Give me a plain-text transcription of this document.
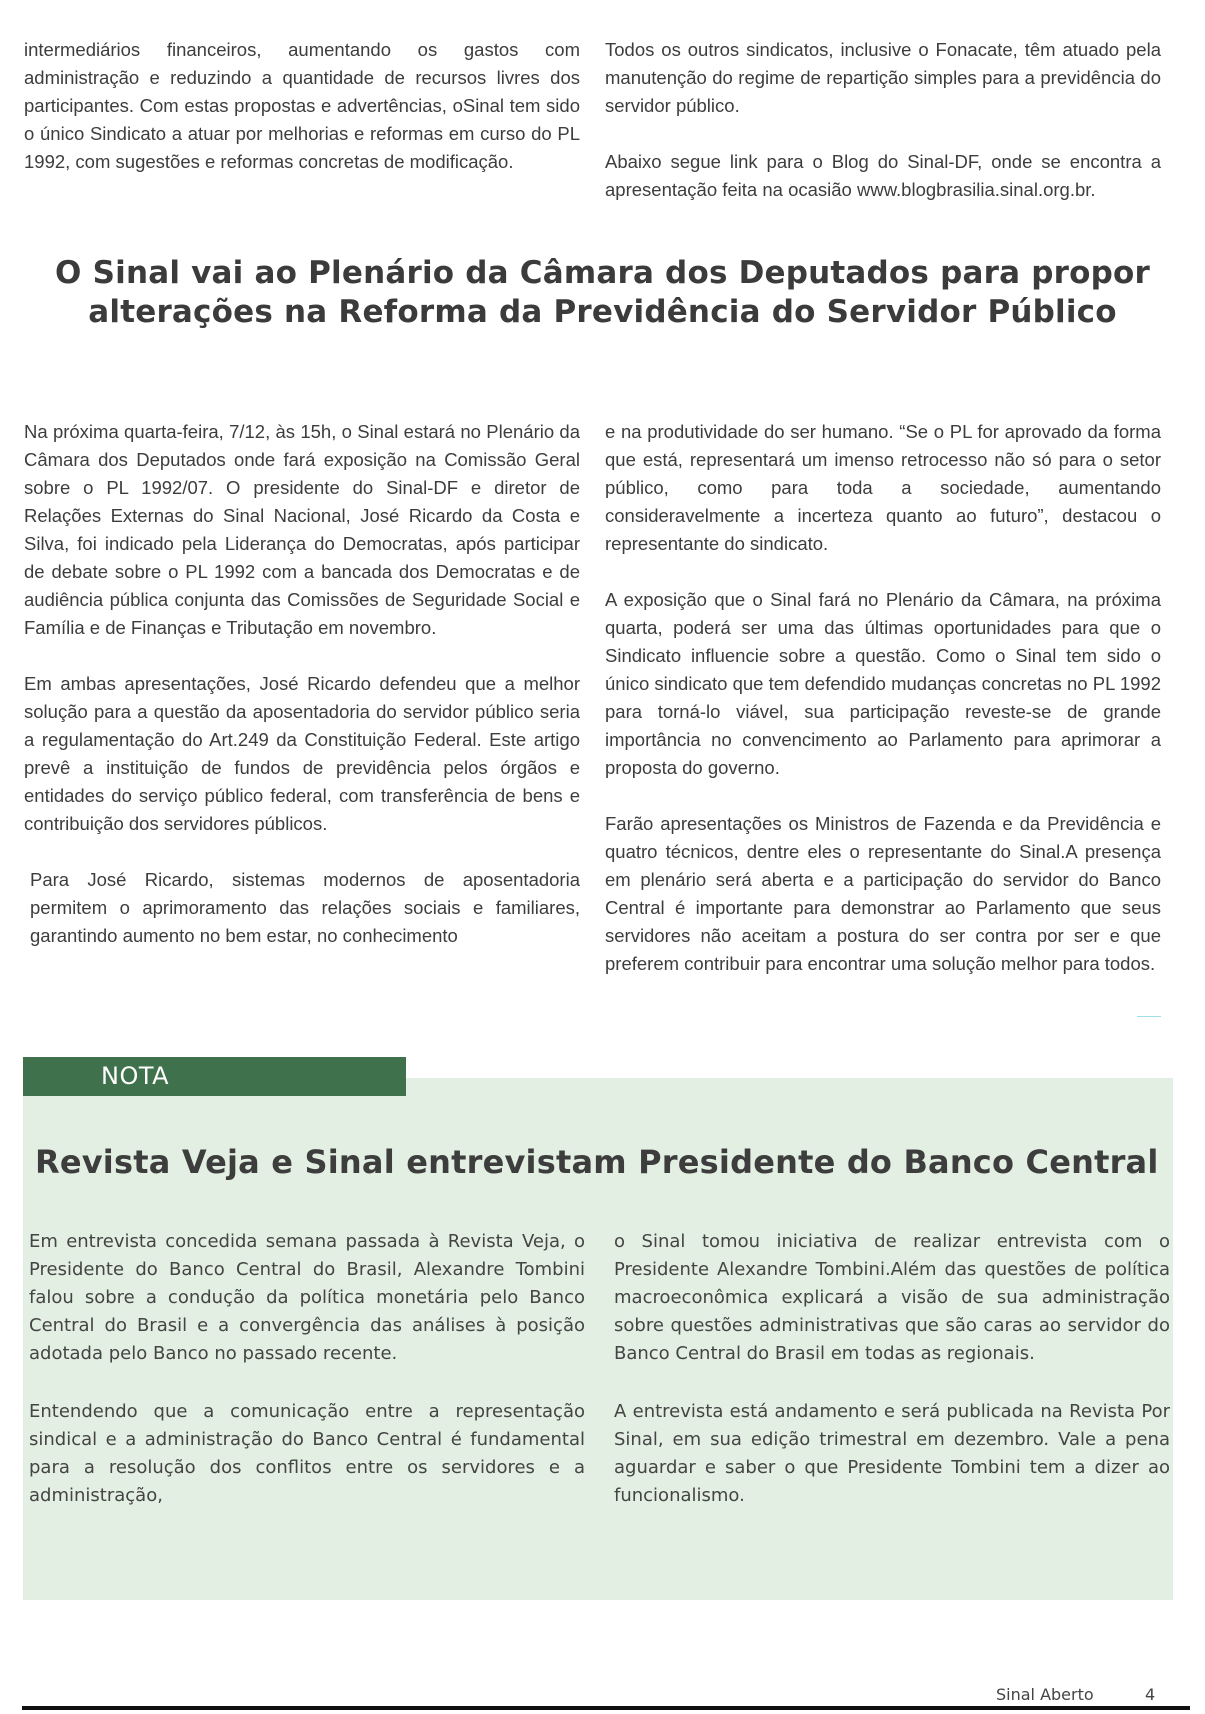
intermediários financeiros, aumentando os gastos com administração e reduzindo a quantidade de recursos livres dos participantes. Com estas propostas e advertências, oSinal tem sido o único Sindicato a atuar por melhorias e reformas em curso do PL 1992, com sugestões e reformas concretas de modificação.

Todos os outros sindicatos, inclusive o Fonacate, têm atuado pela manutenção do regime de repartição simples para a previdência do servidor público.

Abaixo segue link para o Blog do Sinal-DF, onde se encontra a apresentação feita na ocasião www.blogbrasilia.sinal.org.br.

O Sinal vai ao Plenário da Câmara dos Deputados para propor
alterações na Reforma da Previdência do Servidor Público

Na próxima quarta-feira, 7/12, às 15h, o Sinal estará no Plenário da Câmara dos Deputados onde fará exposição na Comissão Geral sobre o PL 1992/07. O presidente do Sinal-DF e diretor de Relações Externas do Sinal Nacional, José Ricardo da Costa e Silva, foi indicado pela Liderança do Democratas, após participar de debate sobre o PL 1992 com a bancada dos Democratas e de audiência pública conjunta das Comissões de Seguridade Social e Família e de Finanças e Tributação em novembro.

Em ambas apresentações, José Ricardo defendeu que a melhor solução para a questão da aposentadoria do servidor público seria a regulamentação do Art.249 da Constituição Federal. Este artigo prevê a instituição de fundos de previdência pelos órgãos e entidades do serviço público federal, com transferência de bens e contribuição dos servidores públicos.

Para José Ricardo, sistemas modernos de aposentadoria permitem o aprimoramento das relações sociais e familiares, garantindo aumento no bem estar, no conhecimento

e na produtividade do ser humano. “Se o PL for aprovado da forma que está, representará um imenso retrocesso não só para o setor público, como para toda a sociedade, aumentando consideravelmente a incerteza quanto ao futuro”, destacou o representante do sindicato.

A exposição que o Sinal fará no Plenário da Câmara, na próxima quarta, poderá ser uma das últimas oportunidades para que o Sindicato influencie sobre a questão. Como o Sinal tem sido o único sindicato que tem defendido mudanças concretas no PL 1992 para torná-lo viável, sua participação reveste-se de grande importância no convencimento ao Parlamento para aprimorar a proposta do governo.

Farão apresentações os Ministros de Fazenda e da Previdência e quatro técnicos, dentre eles o representante do Sinal.A presença em plenário será aberta e a participação do servidor do Banco Central é importante para demonstrar ao Parlamento que seus servidores não aceitam a postura do ser contra por ser e que preferem contribuir para encontrar uma solução melhor para todos.

NOTA
Revista Veja e Sinal entrevistam Presidente do Banco Central

Em entrevista concedida semana passada à Revista Veja, o Presidente do Banco Central do Brasil, Alexandre Tombini falou sobre a condução da política monetária pelo Banco Central do Brasil e a convergência das análises à posição adotada pelo Banco no passado recente.

Entendendo que a comunicação entre a representação sindical e a administração do Banco Central é fundamental para a resolução dos conflitos entre os servidores e a administração,

o Sinal tomou iniciativa de realizar entrevista com o Presidente Alexandre Tombini.Além das questões de política macroeconômica explicará a visão de sua administração sobre questões administrativas que são caras ao servidor do Banco Central do Brasil em todas as regionais.

A entrevista está andamento e será publicada na Revista Por Sinal, em sua edição trimestral em dezembro. Vale a pena aguardar e saber o que Presidente Tombini tem a dizer ao funcionalismo.

Sinal Aberto	4
